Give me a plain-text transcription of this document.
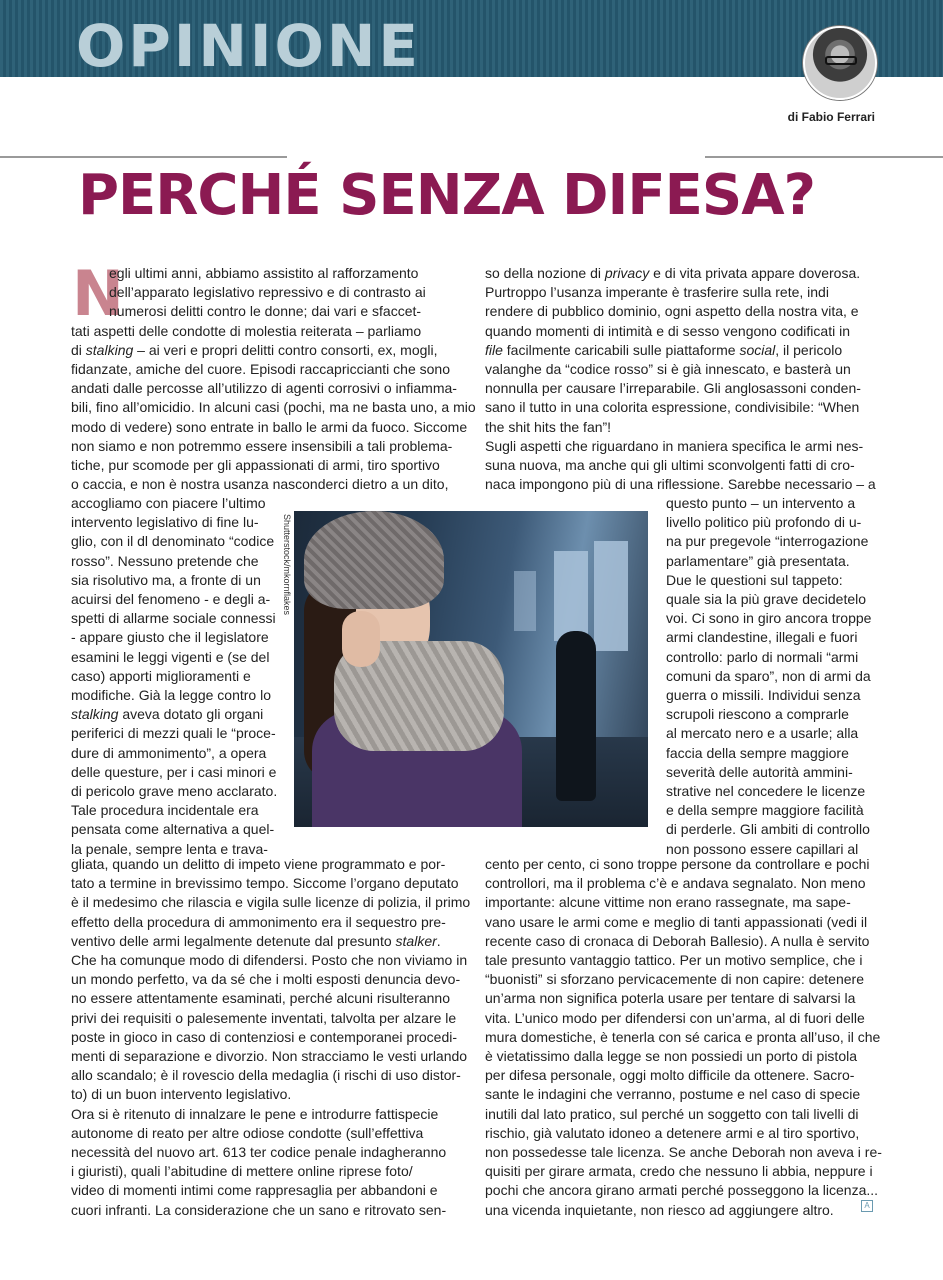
OPINIONE
di Fabio Ferrari
PERCHÉ SENZA DIFESA?
N
egli ultimi anni, abbiamo assistito al rafforzamento
dell’apparato legislativo repressivo e di contrasto ai
numerosi delitti contro le donne; dai vari e sfaccet-
tati aspetti delle condotte di molestia reiterata – parliamo
di stalking – ai veri e propri delitti contro consorti, ex, mogli,
fidanzate, amiche del cuore. Episodi raccapriccianti che sono
andati dalle percosse all’utilizzo di agenti corrosivi o infiamma-
bili, fino all’omicidio. In alcuni casi (pochi, ma ne basta uno, a mio
modo di vedere) sono entrate in ballo le armi da fuoco. Siccome
non siamo e non potremmo essere insensibili a tali problema-
tiche, pur scomode per gli appassionati di armi, tiro sportivo
o caccia, e non è nostra usanza nasconderci dietro a un dito,
accogliamo con piacere l’ultimo
intervento legislativo di fine lu-
glio, con il dl denominato “codice
rosso”. Nessuno pretende che
sia risolutivo ma, a fronte di un
acuirsi del fenomeno - e degli a-
spetti di allarme sociale connessi
- appare giusto che il legislatore
esamini le leggi vigenti e (se del
caso) apporti miglioramenti e
modifiche. Già la legge contro lo
stalking aveva dotato gli organi
periferici di mezzi quali le “proce-
dure di ammonimento”, a opera
delle questure, per i casi minori e
di pericolo grave meno acclarato.
Tale procedura incidentale era
pensata come alternativa a quel-
la penale, sempre lenta e trava-
gliata, quando un delitto di impeto viene programmato e por-
tato a termine in brevissimo tempo. Siccome l’organo deputato
è il medesimo che rilascia e vigila sulle licenze di polizia, il primo
effetto della procedura di ammonimento era il sequestro pre-
ventivo delle armi legalmente detenute dal presunto stalker.
Che ha comunque modo di difendersi. Posto che non viviamo in
un mondo perfetto, va da sé che i molti esposti denuncia devo-
no essere attentamente esaminati, perché alcuni risulteranno
privi dei requisiti o palesemente inventati, talvolta per alzare le
poste in gioco in caso di contenziosi e contemporanei procedi-
menti di separazione e divorzio. Non stracciamo le vesti urlando
allo scandalo; è il rovescio della medaglia (i rischi di uso distor-
to) di un buon intervento legislativo.
Ora si è ritenuto di innalzare le pene e introdurre fattispecie
autonome di reato per altre odiose condotte (sull’effettiva
necessità del nuovo art. 613 ter codice penale indagheranno
i giuristi), quali l’abitudine di mettere online riprese foto/
video di momenti intimi come rappresaglia per abbandoni e
cuori infranti. La considerazione che un sano e ritrovato sen-
so della nozione di privacy e di vita privata appare doverosa.
Purtroppo l’usanza imperante è trasferire sulla rete, indi
rendere di pubblico dominio, ogni aspetto della nostra vita, e
quando momenti di intimità e di sesso vengono codificati in
file facilmente caricabili sulle piattaforme social, il pericolo
valanghe da “codice rosso” si è già innescato, e basterà un
nonnulla per causare l’irreparabile. Gli anglosassoni conden-
sano il tutto in una colorita espressione, condivisibile: “When
the shit hits the fan”!
Sugli aspetti che riguardano in maniera specifica le armi nes-
suna nuova, ma anche qui gli ultimi sconvolgenti fatti di cro-
naca impongono più di una riflessione. Sarebbe necessario – a
questo punto – un intervento a
livello politico più profondo di u-
na pur pregevole “interrogazione
parlamentare” già presentata.
Due le questioni sul tappeto:
quale sia la più grave decidetelo
voi. Ci sono in giro ancora troppe
armi clandestine, illegali e fuori
controllo: parlo di normali “armi
comuni da sparo”, non di armi da
guerra o missili. Individui senza
scrupoli riescono a comprarle
al mercato nero e a usarle; alla
faccia della sempre maggiore
severità delle autorità ammini-
strative nel concedere le licenze
e della sempre maggiore facilità
di perderle. Gli ambiti di controllo
non possono essere capillari al
cento per cento, ci sono troppe persone da controllare e pochi
controllori, ma il problema c’è e andava segnalato. Non meno
importante: alcune vittime non erano rassegnate, ma sape-
vano usare le armi come e meglio di tanti appassionati (vedi il
recente caso di cronaca di Deborah Ballesio). A nulla è servito
tale presunto vantaggio tattico. Per un motivo semplice, che i
“buonisti” si sforzano pervicacemente di non capire: detenere
un’arma non significa poterla usare per tentare di salvarsi la
vita. L’unico modo per difendersi con un’arma, al di fuori delle
mura domestiche, è tenerla con sé carica e pronta all’uso, il che
è vietatissimo dalla legge se non possiedi un porto di pistola
per difesa personale, oggi molto difficile da ottenere. Sacro-
sante le indagini che verranno, postume e nel caso di specie
inutili dal lato pratico, sul perché un soggetto con tali livelli di
rischio, già valutato idoneo a detenere armi e al tiro sportivo,
non possedesse tale licenza. Se anche Deborah non aveva i re-
quisiti per girare armata, credo che nessuno li abbia, neppure i
pochi che ancora girano armati perché posseggono la licenza...
una vicenda inquietante, non riesco ad aggiungere altro.
Shutterstock/mkornflakes
A
